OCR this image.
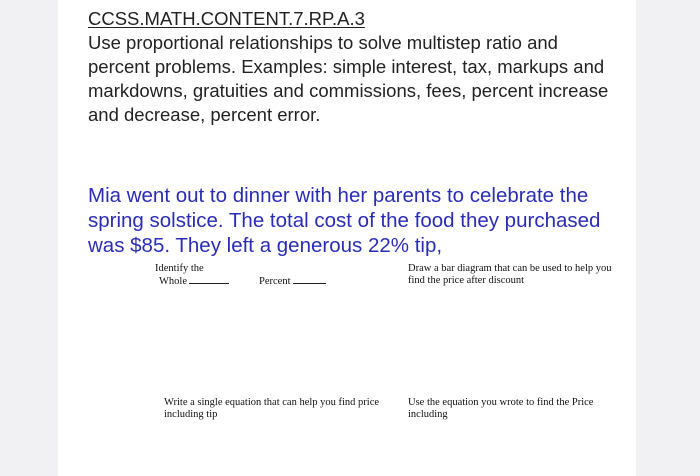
CCSS.MATH.CONTENT.7.RP.A.3

Use proportional relationships to solve multistep ratio and percent problems. Examples: simple interest, tax, markups and markdowns, gratuities and commissions, fees, percent increase and decrease, percent error.

Mia went out to dinner with her parents to celebrate the spring solstice. The total cost of the food they purchased was $85. They left a generous 22% tip,

Identify the
Whole	Percent

Draw a bar diagram that can be used to help you find the price after discount

Write a single equation that can help you find price including tip

Use the equation you wrote to find the Price including
